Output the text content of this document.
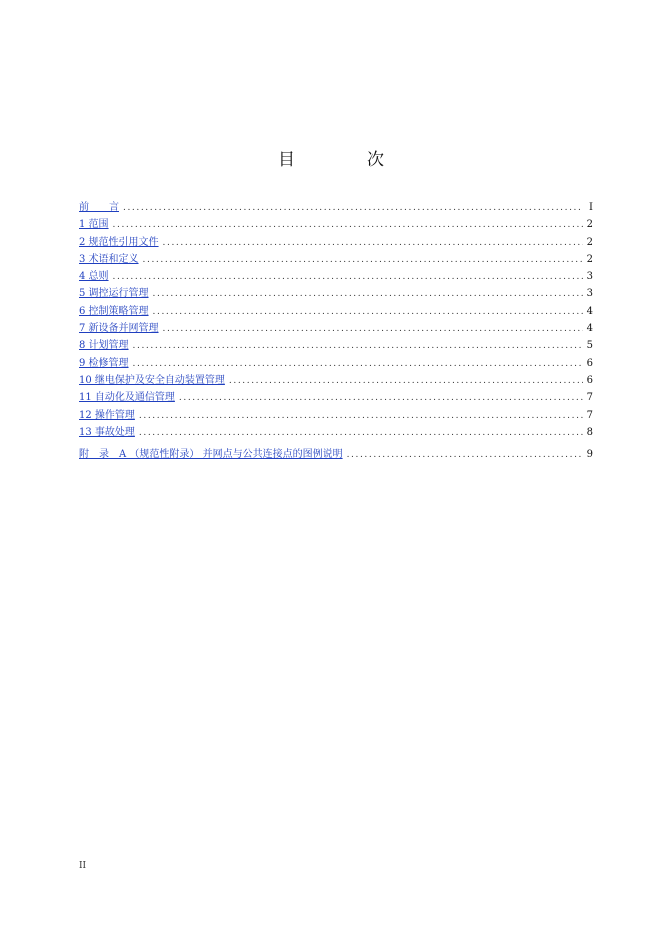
目	次
前　　言 .....	I
1 范围 .....	2
2 规范性引用文件 .....	2
3 术语和定义 .....	2
4 总则 .....	3
5 调控运行管理 .....	3
6 控制策略管理 .....	4
7 新设备并网管理 .....	4
8 计划管理 .....	5
9 检修管理 .....	6
10 继电保护及安全自动装置管理 .....	6
11 自动化及通信管理 .....	7
12 操作管理 .....	7
13 事故处理 .....	8
附　录　A （规范性附录） 并网点与公共连接点的图例说明 .....	9
II
